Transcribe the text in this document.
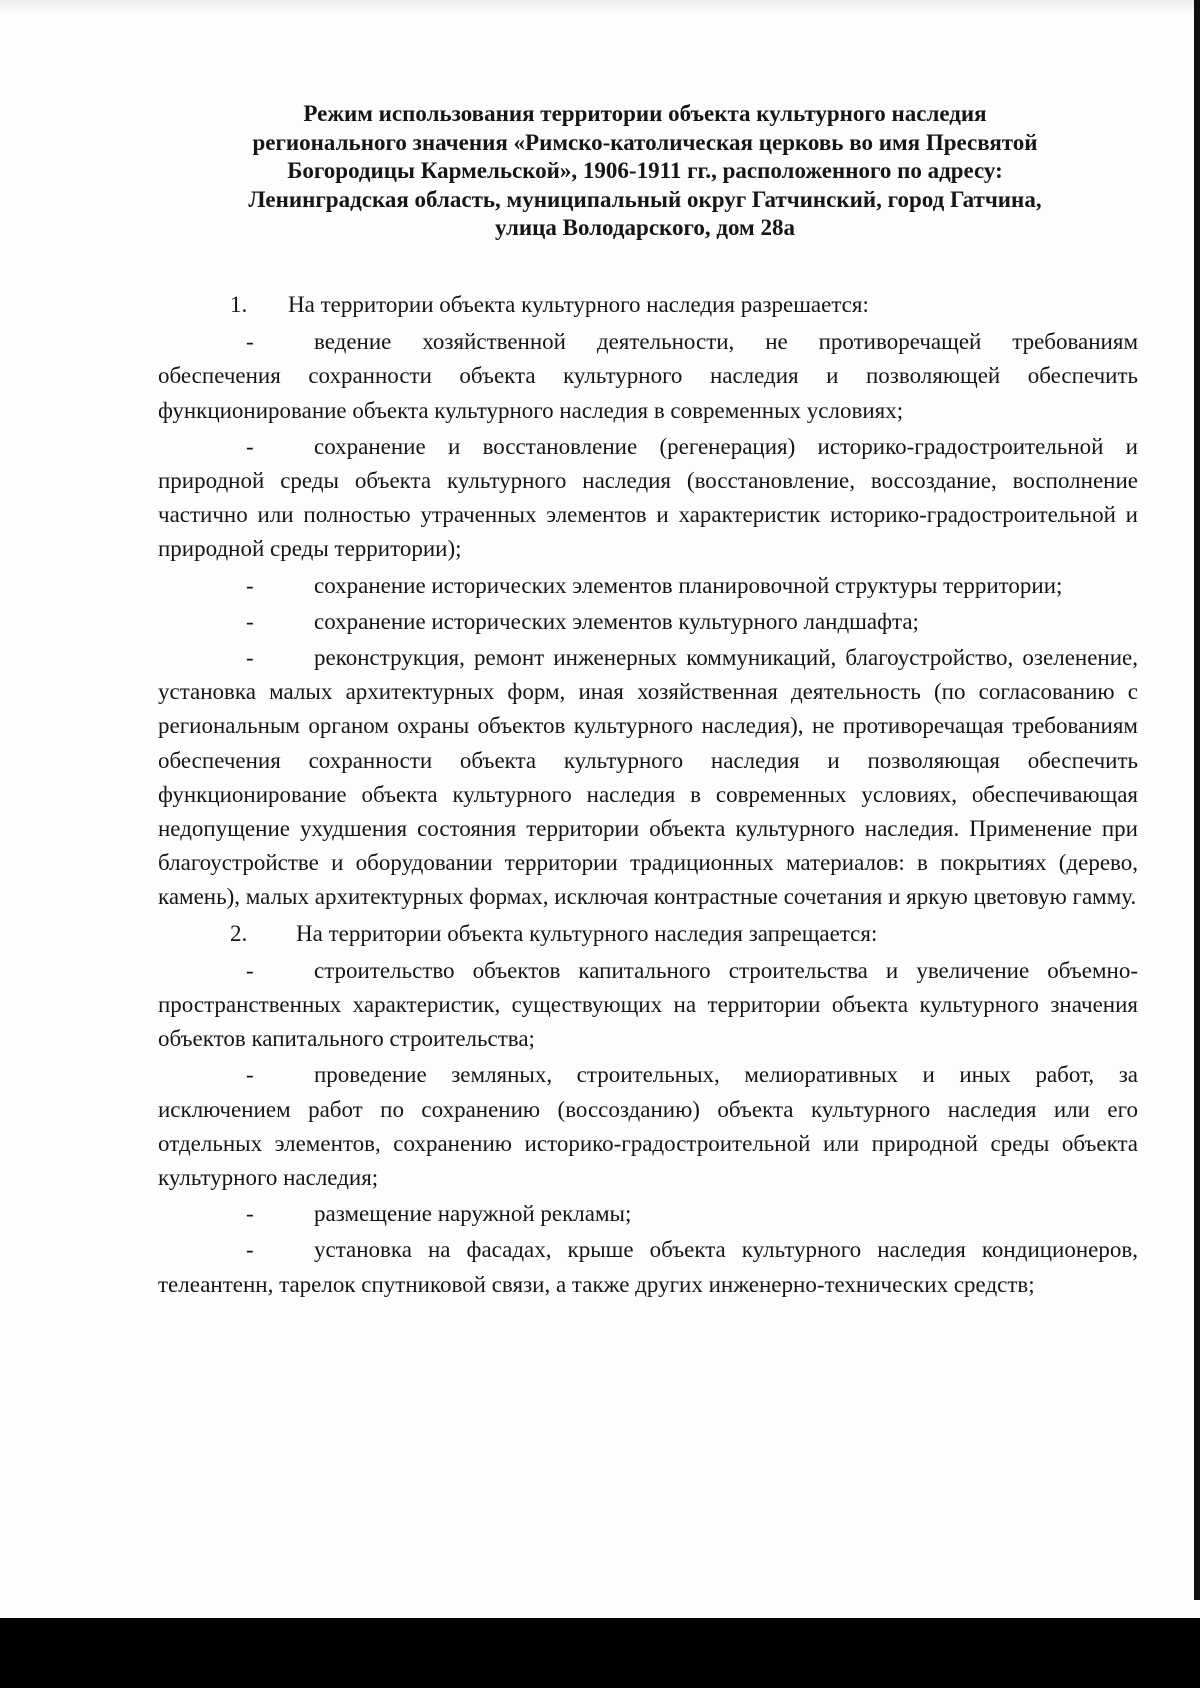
Режим использования территории объекта культурного наследия
регионального значения «Римско-католическая церковь во имя Пресвятой
Богородицы Кармельской», 1906-1911 гг., расположенного по адресу:
Ленинградская область, муниципальный округ Гатчинский, город Гатчина,
улица Володарского, дом 28а

1. На территории объекта культурного наследия разрешается:

-	ведение хозяйственной деятельности, не противоречащей требованиям обеспечения сохранности объекта культурного наследия и позволяющей обеспечить функционирование объекта культурного наследия в современных условиях;

-	сохранение и восстановление (регенерация) историко-градостроительной и природной среды объекта культурного наследия (восстановление, воссоздание, восполнение частично или полностью утраченных элементов и характеристик историко-градостроительной и природной среды территории);

-	сохранение исторических элементов планировочной структуры территории;

-	сохранение исторических элементов культурного ландшафта;

-	реконструкция, ремонт инженерных коммуникаций, благоустройство, озеленение, установка малых архитектурных форм, иная хозяйственная деятельность (по согласованию с региональным органом охраны объектов культурного наследия), не противоречащая требованиям обеспечения сохранности объекта культурного наследия и позволяющая обеспечить функционирование объекта культурного наследия в современных условиях, обеспечивающая недопущение ухудшения состояния территории объекта культурного наследия. Применение при благоустройстве и оборудовании территории традиционных материалов: в покрытиях (дерево, камень), малых архитектурных формах, исключая контрастные сочетания и яркую цветовую гамму.

2. На территории объекта культурного наследия запрещается:

-	строительство объектов капитального строительства и увеличение объемно-пространственных характеристик, существующих на территории объекта культурного значения объектов капитального строительства;

-	проведение земляных, строительных, мелиоративных и иных работ, за исключением работ по сохранению (воссозданию) объекта культурного наследия или его отдельных элементов, сохранению историко-градостроительной или природной среды объекта культурного наследия;

-	размещение наружной рекламы;

-	установка на фасадах, крыше объекта культурного наследия кондиционеров, телеантенн, тарелок спутниковой связи, а также других инженерно-технических средств;
